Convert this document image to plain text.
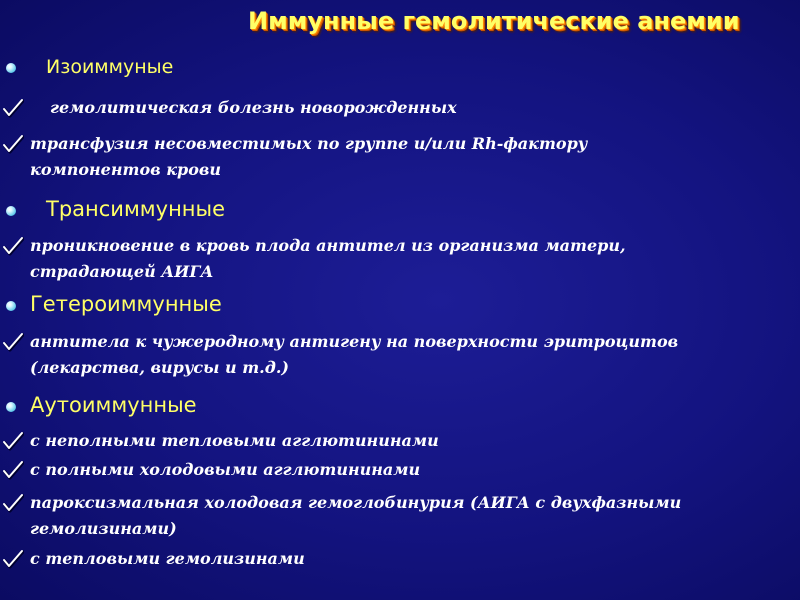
Иммунные гемолитические анемии
Изоиммуные
гемолитическая болезнь новорожденных
трансфузия несовместимых по группе и/или Rh-фактору
компонентов крови
Трансиммунные
проникновение в кровь плода антител из организма матери,
страдающей АИГА
Гетероиммунные
антитела к чужеродному антигену на поверхности эритроцитов
(лекарства, вирусы и т.д.)
Аутоиммунные
с неполными тепловыми агглютининами
с полными холодовыми агглютининами
пароксизмальная холодовая гемоглобинурия (АИГА с двухфазными
гемолизинами)
с тепловыми гемолизинами
